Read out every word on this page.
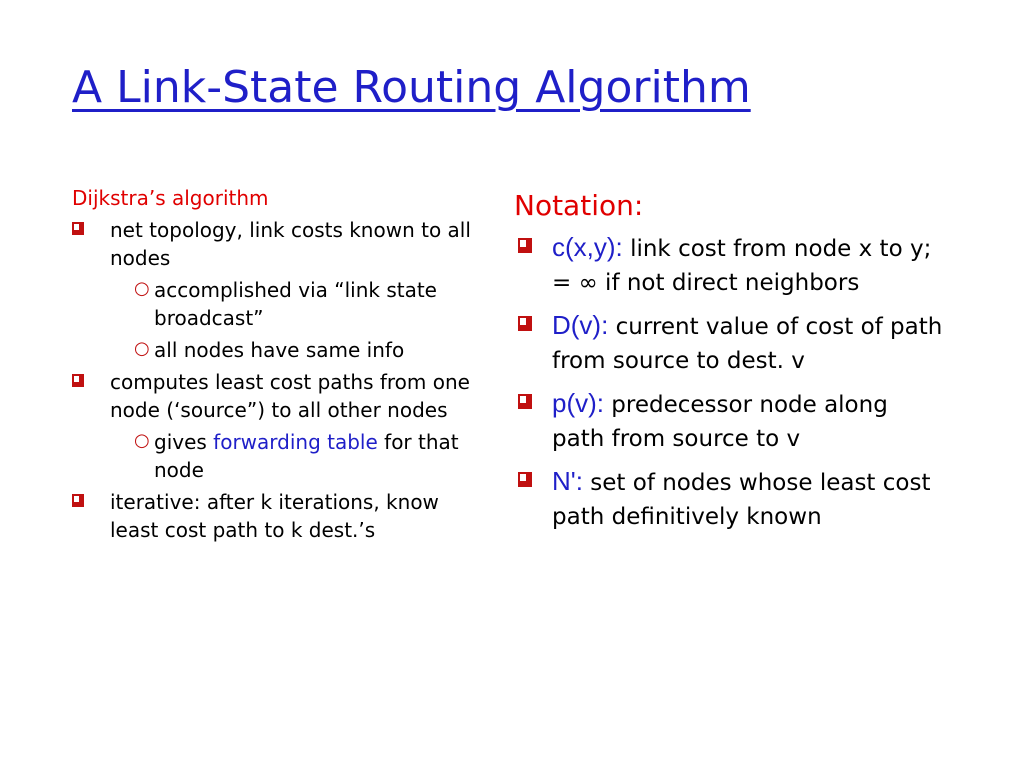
A Link-State Routing Algorithm

Dijkstra’s algorithm

net topology, link costs known to all nodes
○ accomplished via “link state broadcast”
○ all nodes have same info
computes least cost paths from one node (‘source”) to all other nodes
○ gives forwarding table for that node
iterative: after k iterations, know least cost path to k dest.’s

Notation:

c(x,y): link cost from node x to y; = ∞ if not direct neighbors
D(v): current value of cost of path from source to dest. v
p(v): predecessor node along path from source to v
N': set of nodes whose least cost path definitively known
